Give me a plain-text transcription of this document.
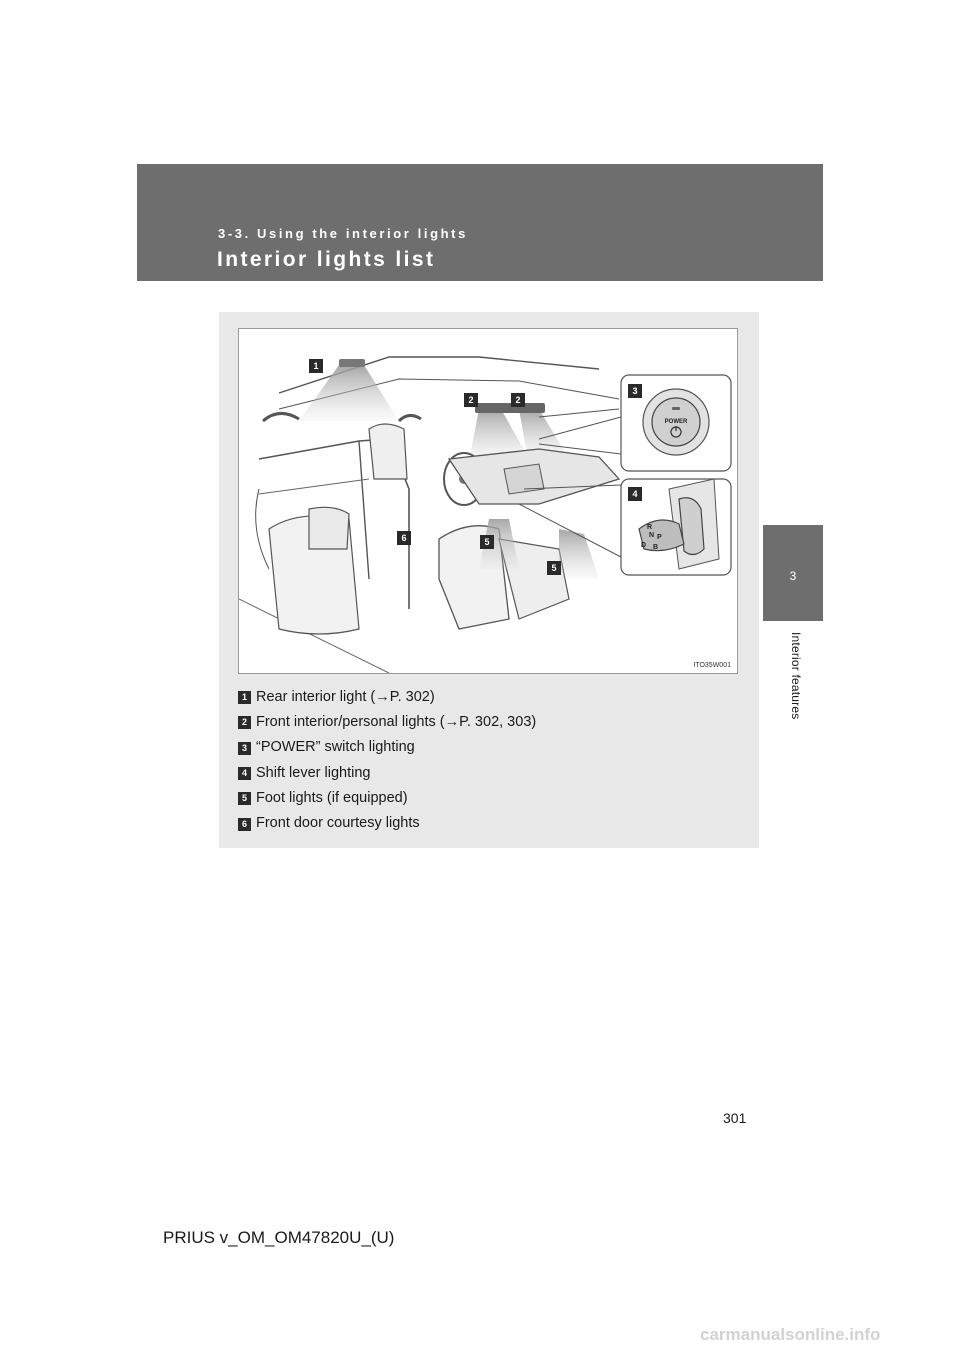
3-3. Using the interior lights
Interior lights list
3
Interior features
POWER
R
N P
D B
1
2	2
3
4
5
5
6
ITO35W001
1 Rear interior light (→P. 302)
2 Front interior/personal lights (→P. 302, 303)
3 “POWER” switch lighting
4 Shift lever lighting
5 Foot lights (if equipped)
6 Front door courtesy lights
301
PRIUS v_OM_OM47820U_(U)
carmanualsonline.info
